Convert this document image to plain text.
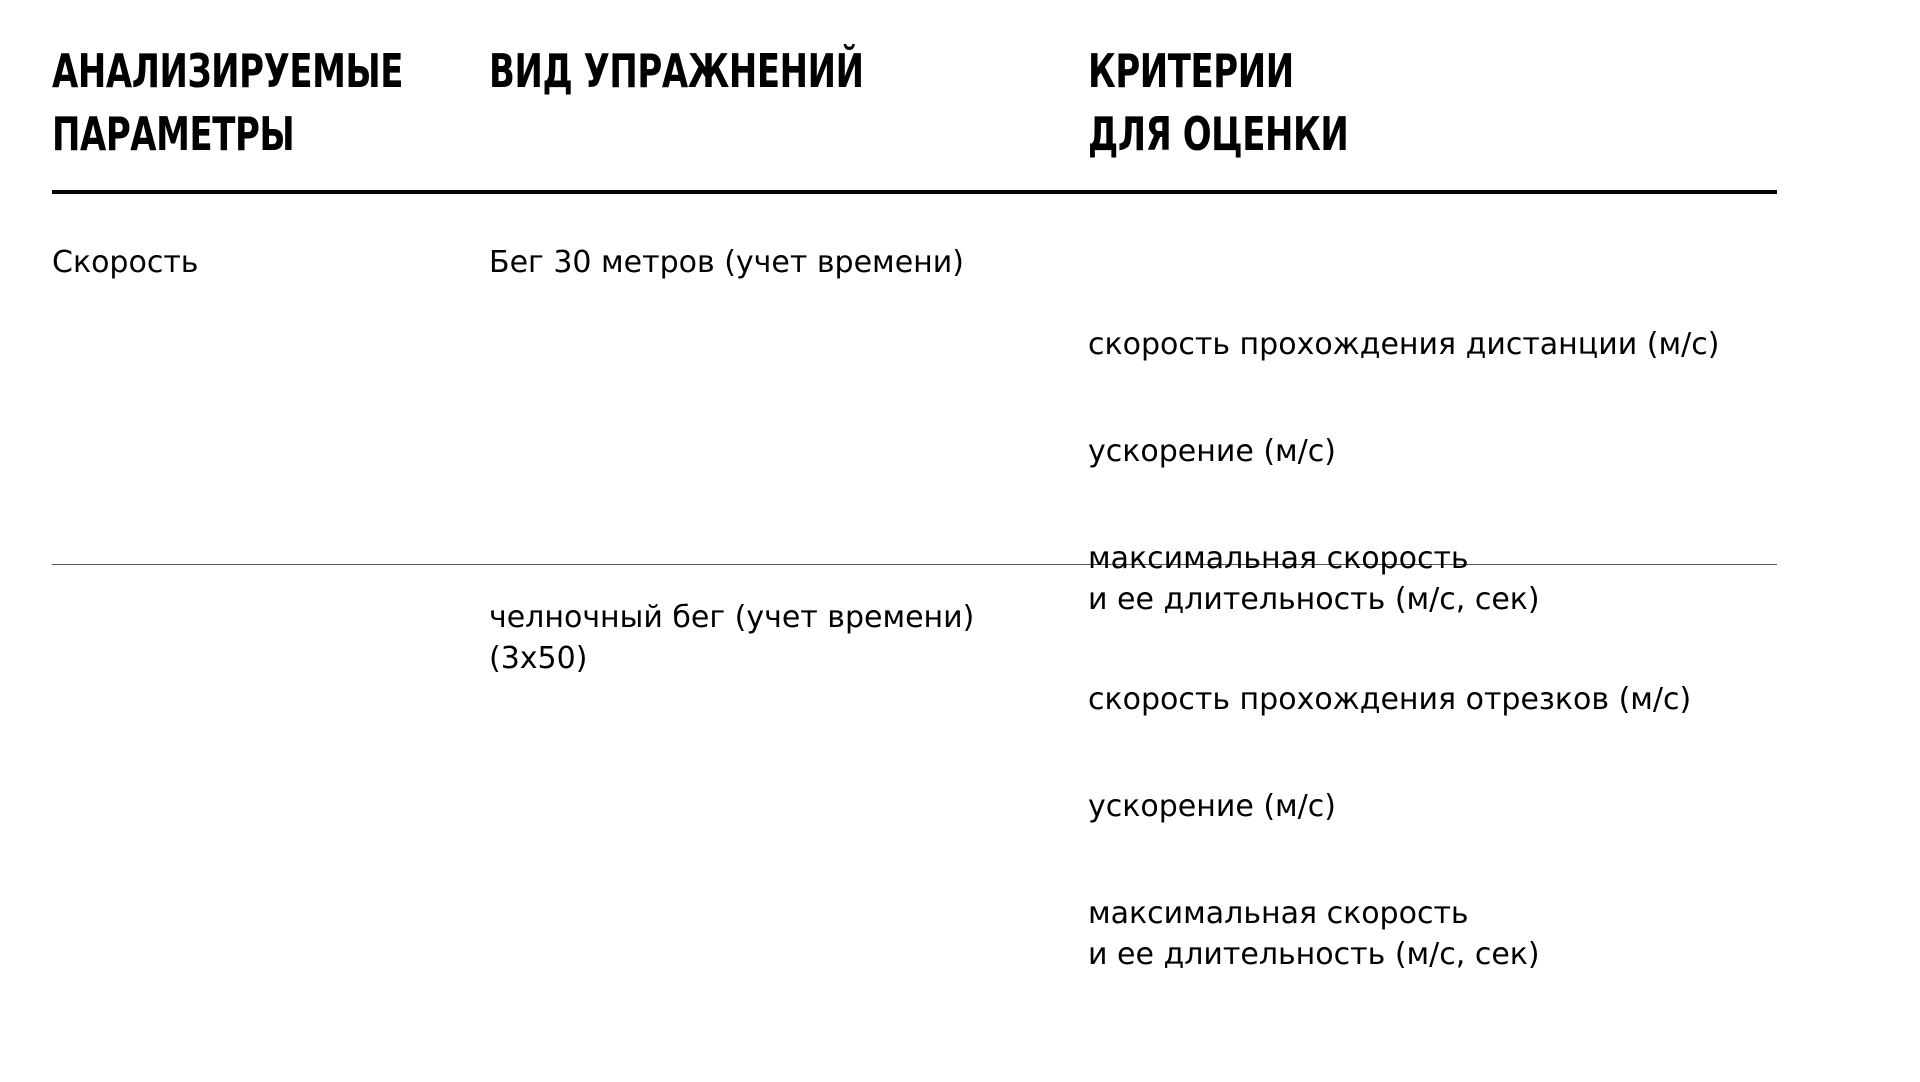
АНАЛИЗИРУЕМЫЕ
ПАРАМЕТРЫ
ВИД УПРАЖНЕНИЙ	КРИТЕРИИ
ДЛЯ ОЦЕНКИ
Скорость	Бег 30 метров (учет времени)

скорость прохождения дистанции (м/с)

ускорение (м/с)

максимальная скорость
и ее длительность (м/с, сек)

челночный бег (учет времени)
(3х50)

скорость прохождения отрезков (м/с)

ускорение (м/с)

максимальная скорость
и ее длительность (м/с, сек)
